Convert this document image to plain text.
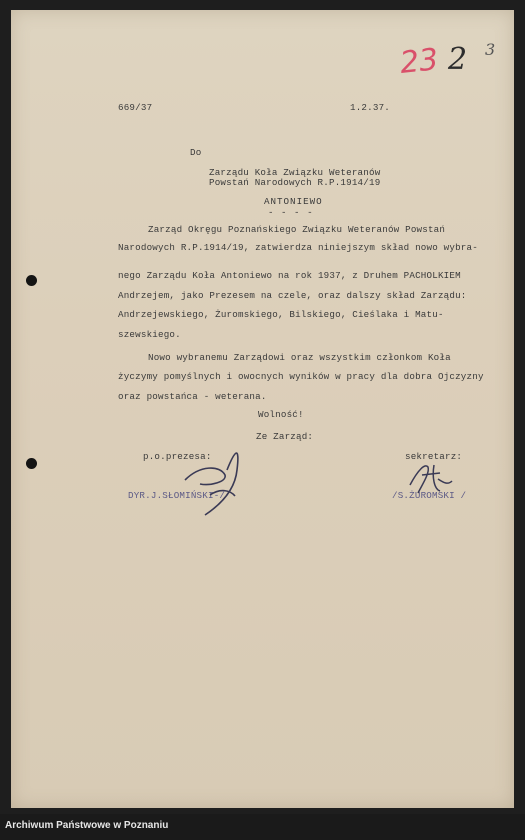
23 2 3
669/37	1.2.37.
Do
Zarządu Koła Związku Weteranów
Powstań Narodowych R.P.1914/19
ANTONIEWO
- - - -
Zarząd Okręgu Poznańskiego Związku Weteranów Powstań
Narodowych R.P.1914/19, zatwierdza niniejszym skład nowo wybra-
nego Zarządu Koła Antoniewo na rok 1937, z Druhem PACHOLKIEM
Andrzejem, jako Prezesem na czele, oraz dalszy skład Zarządu:
Andrzejewskiego, Żuromskiego, Bilskiego, Cieślaka i Matu-
szewskiego.
Nowo wybranemu Zarządowi oraz wszystkim członkom Koła
życzymy pomyślnych i owocnych wyników w pracy dla dobra Ojczyzny
oraz powstańca - weterana.
Wolność!
Ze Zarząd:
p.o.prezesa:	sekretarz:
DYR.J.SŁOMIŃSKI-/	/S.ŻUROMSKI /
Archiwum Państwowe w Poznaniu
